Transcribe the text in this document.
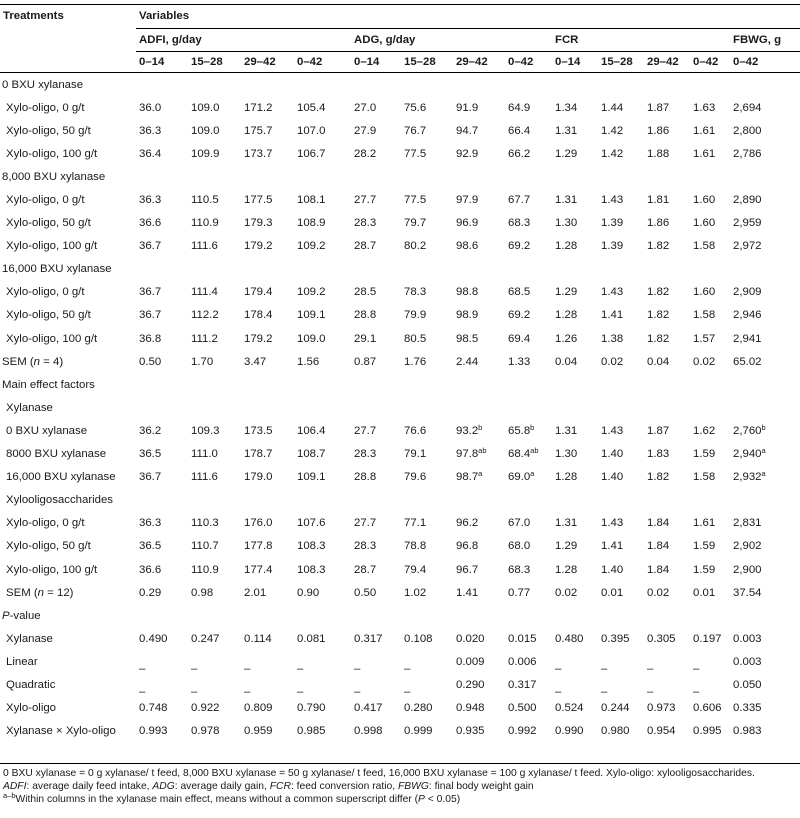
Treatments	Variables												
	ADFI, g/day				ADG, g/day				FCR				FBWG, g
	0–14	15–28	29–42	0–42	0–14	15–28	29–42	0–42	0–14	15–28	29–42	0–42	0–42
0 BXU xylanase													
Xylo-oligo, 0 g/t	36.0	109.0	171.2	105.4	27.0	75.6	91.9	64.9	1.34	1.44	1.87	1.63	2,694
Xylo-oligo, 50 g/t	36.3	109.0	175.7	107.0	27.9	76.7	94.7	66.4	1.31	1.42	1.86	1.61	2,800
Xylo-oligo, 100 g/t	36.4	109.9	173.7	106.7	28.2	77.5	92.9	66.2	1.29	1.42	1.88	1.61	2,786
8,000 BXU xylanase													
Xylo-oligo, 0 g/t	36.3	110.5	177.5	108.1	27.7	77.5	97.9	67.7	1.31	1.43	1.81	1.60	2,890
Xylo-oligo, 50 g/t	36.6	110.9	179.3	108.9	28.3	79.7	96.9	68.3	1.30	1.39	1.86	1.60	2,959
Xylo-oligo, 100 g/t	36.7	111.6	179.2	109.2	28.7	80.2	98.6	69.2	1.28	1.39	1.82	1.58	2,972
16,000 BXU xylanase													
Xylo-oligo, 0 g/t	36.7	111.4	179.4	109.2	28.5	78.3	98.8	68.5	1.29	1.43	1.82	1.60	2,909
Xylo-oligo, 50 g/t	36.7	112.2	178.4	109.1	28.8	79.9	98.9	69.2	1.28	1.41	1.82	1.58	2,946
Xylo-oligo, 100 g/t	36.8	111.2	179.2	109.0	29.1	80.5	98.5	69.4	1.26	1.38	1.82	1.57	2,941
SEM (n = 4)	0.50	1.70	3.47	1.56	0.87	1.76	2.44	1.33	0.04	0.02	0.04	0.02	65.02
Main effect factors													
Xylanase													
0 BXU xylanase	36.2	109.3	173.5	106.4	27.7	76.6	93.2$^b$	65.8$^b$	1.31	1.43	1.87	1.62	2,760$^b$
8000 BXU xylanase	36.5	111.0	178.7	108.7	28.3	79.1	97.8$^{ab}$	68.4$^{ab}$	1.30	1.40	1.83	1.59	2,940$^a$
16,000 BXU xylanase	36.7	111.6	179.0	109.1	28.8	79.6	98.7$^a$	69.0$^a$	1.28	1.40	1.82	1.58	2,932$^a$
Xylooligosaccharides													
Xylo-oligo, 0 g/t	36.3	110.3	176.0	107.6	27.7	77.1	96.2	67.0	1.31	1.43	1.84	1.61	2,831
Xylo-oligo, 50 g/t	36.5	110.7	177.8	108.3	28.3	78.8	96.8	68.0	1.29	1.41	1.84	1.59	2,902
Xylo-oligo, 100 g/t	36.6	110.9	177.4	108.3	28.7	79.4	96.7	68.3	1.28	1.40	1.84	1.59	2,900
SEM (n = 12)	0.29	0.98	2.01	0.90	0.50	1.02	1.41	0.77	0.02	0.01	0.02	0.01	37.54
P-value													
Xylanase	0.490	0.247	0.114	0.081	0.317	0.108	0.020	0.015	0.480	0.395	0.305	0.197	0.003
Linear	–	–	–	–	–	–	0.009	0.006	–	–	–	–	0.003
Quadratic	–	–	–	–	–	–	0.290	0.317	–	–	–	–	0.050
Xylo-oligo	0.748	0.922	0.809	0.790	0.417	0.280	0.948	0.500	0.524	0.244	0.973	0.606	0.335
Xylanase × Xylo-oligo	0.993	0.978	0.959	0.985	0.998	0.999	0.935	0.992	0.990	0.980	0.954	0.995	0.983
0 BXU xylanase = 0 g xylanase/ t feed, 8,000 BXU xylanase = 50 g xylanase/ t feed, 16,000 BXU xylanase = 100 g xylanase/ t feed. Xylo-oligo: xylooligosaccharides.
ADFI: average daily feed intake, ADG: average daily gain, FCR: feed conversion ratio, FBWG: final body weight gain
$^{a-b}$Within columns in the xylanase main effect, means without a common superscript differ (P < 0.05)
